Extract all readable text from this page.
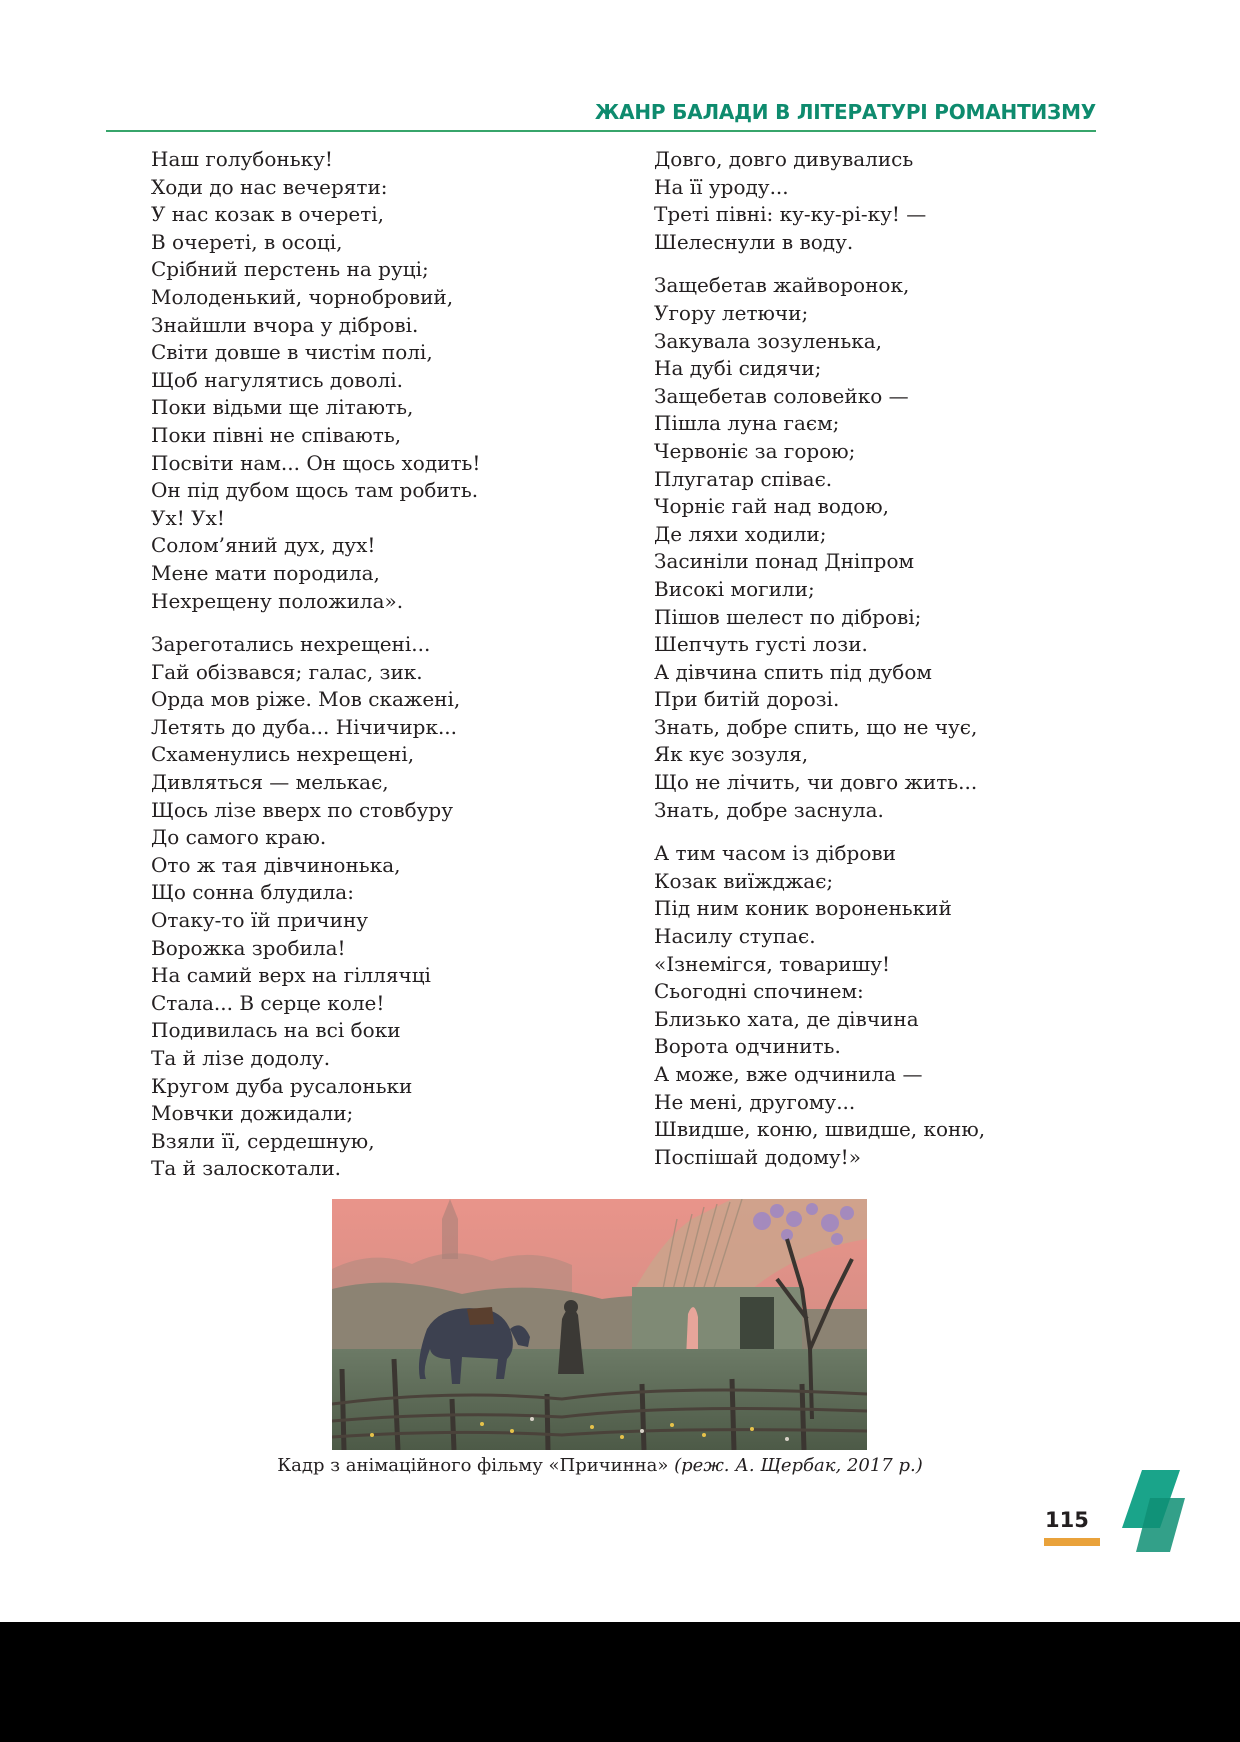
ЖАНР БАЛАДИ В ЛІТЕРАТУРІ РОМАНТИЗМУ

Наш голубоньку!
Ходи до нас вечеряти:
У нас козак в очереті,
В очереті, в осоці,
Срібний перстень на руці;
Молоденький, чорнобровий,
Знайшли вчора у діброві.
Світи довше в чистім полі,
Щоб нагулятись доволі.
Поки відьми ще літають,
Поки півні не співають,
Посвіти нам... Он щось ходить!
Он під дубом щось там робить.
Ух! Ух!
Солом’яний дух, дух!
Мене мати породила,
Нехрещену положила».

Зареготались нехрещені...
Гай обізвався; галас, зик.
Орда мов ріже. Мов скажені,
Летять до дуба... Нічичирк...
Схаменулись нехрещені,
Дивляться — мелькає,
Щось лізе вверх по стовбуру
До самого краю.
Ото ж тая дівчинонька,
Що сонна блудила:
Отаку-то їй причину
Ворожка зробила!
На самий верх на гіллячці
Стала... В серце коле!
Подивилась на всі боки
Та й лізе додолу.
Кругом дуба русалоньки
Мовчки дожидали;
Взяли її, сердешную,
Та й залоскотали.

Довго, довго дивувались
На її уроду...
Треті півні: ку-ку-рі-ку! —
Шелеснули в воду.

Защебетав жайворонок,
Угору летючи;
Закувала зозуленька,
На дубі сидячи;
Защебетав соловейко —
Пішла луна гаєм;
Червоніє за горою;
Плугатар співає.
Чорніє гай над водою,
Де ляхи ходили;
Засиніли понад Дніпром
Високі могили;
Пішов шелест по діброві;
Шепчуть густі лози.
А дівчина спить під дубом
При битій дорозі.
Знать, добре спить, що не чує,
Як кує зозуля,
Що не лічить, чи довго жить...
Знать, добре заснула.

А тим часом із діброви
Козак виїжджає;
Під ним коник вороненький
Насилу ступає.
«Ізнемігся, товаришу!
Сьогодні спочинем:
Близько хата, де дівчина
Ворота одчинить.
А може, вже одчинила —
Не мені, другому...
Швидше, коню, швидше, коню,
Поспішай додому!»

Кадр з анімаційного фільму «Причинна» (реж. А. Щербак, 2017 р.)
115
